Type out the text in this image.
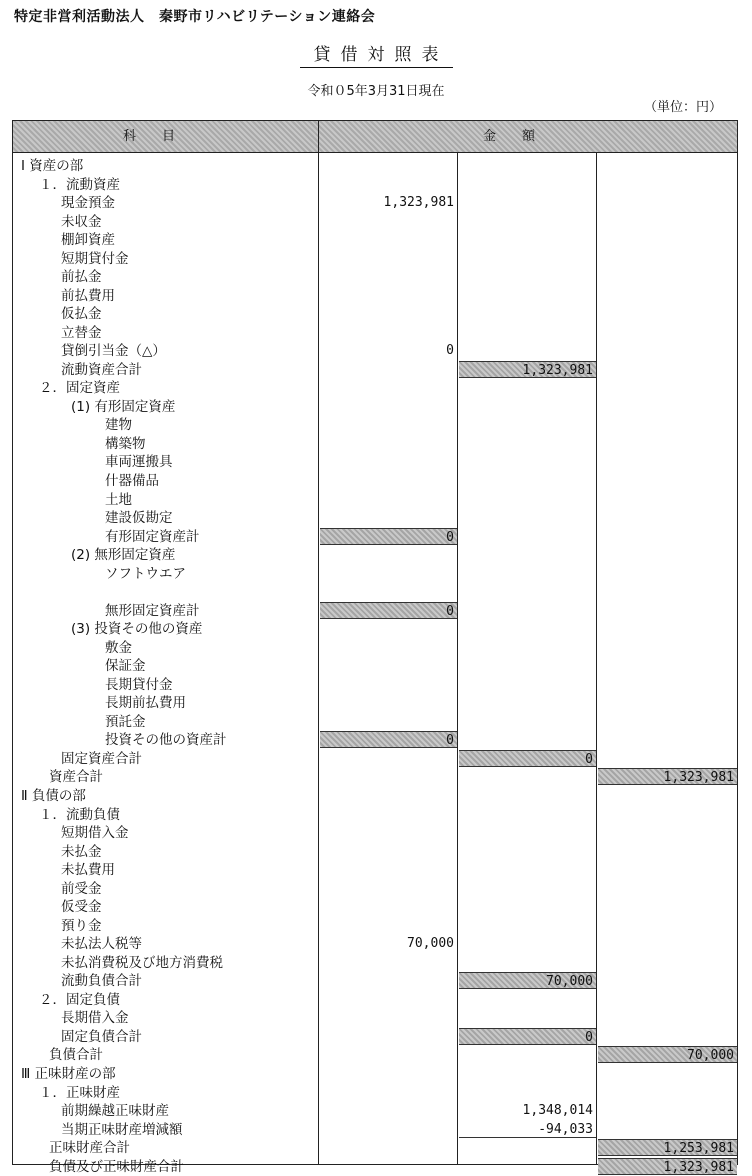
特定非営利活動法人　秦野市リハビリテーション連絡会
貸借対照表
令和０5年3月31日現在
（単位：円）
科　　目	金　　額
Ⅰ 資産の部
１．流動資産
現金預金	1,323,981
未収金
棚卸資産
短期貸付金
前払金
前払費用
仮払金
立替金
貸倒引当金（△）	0
流動資産合計	1,323,981
２．固定資産
(1) 有形固定資産
建物
構築物
車両運搬具
什器備品
土地
建設仮勘定
有形固定資産計	0
(2) 無形固定資産
ソフトウエア
無形固定資産計	0
(3) 投資その他の資産
敷金
保証金
長期貸付金
長期前払費用
預託金
投資その他の資産計	0
固定資産合計	0
資産合計	1,323,981
Ⅱ 負債の部
１．流動負債
短期借入金
未払金
未払費用
前受金
仮受金
預り金
未払法人税等	70,000
未払消費税及び地方消費税
流動負債合計	70,000
２．固定負債
長期借入金
固定負債合計	0
負債合計	70,000
Ⅲ 正味財産の部
１．正味財産
前期繰越正味財産	1,348,014
当期正味財産増減額	-94,033
正味財産合計	1,253,981
負債及び正味財産合計	1,323,981
